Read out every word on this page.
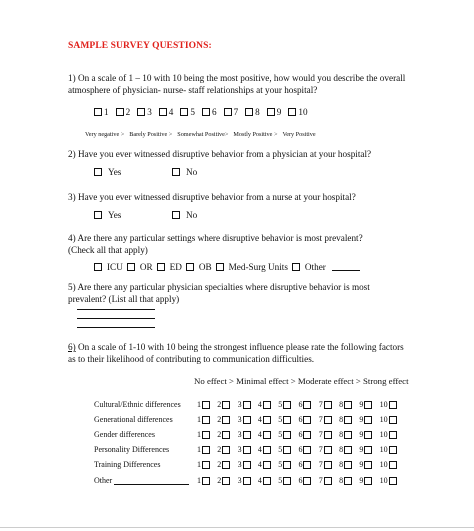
SAMPLE SURVEY QUESTIONS:
1) On a scale of 1 – 10 with 10 being the most positive, how would you describe the overall atmosphere of physician- nurse- staff relationships at your hospital?
1 2 3 4 5 6 7 8 9 10
Very negative > Barely Positive > Somewhat Positive> Mostly Positive > Very Positive
2) Have you ever witnessed disruptive behavior from a physician at your hospital?
Yes	No
3) Have you ever witnessed disruptive behavior from a nurse at your hospital?
Yes	No
4) Are there any particular settings where disruptive behavior is most prevalent? (Check all that apply)
ICU OR ED OB Med-Surg Units Other
5) Are there any particular physician specialties where disruptive behavior is most prevalent? (List all that apply)
6) On a scale of 1-10 with 10 being the strongest influence please rate the following factors as to their likelihood of contributing to communication difficulties.
No effect > Minimal effect > Moderate effect > Strong effect
Cultural/Ethnic differences	1 2 3 4 5 6 7 8 9 10
Generational differences	1 2 3 4 5 6 7 8 9 10
Gender differences	1 2 3 4 5 6 7 8 9 10
Personality Differences	1 2 3 4 5 6 7 8 9 10
Training Differences	1 2 3 4 5 6 7 8 9 10
Other	1 2 3 4 5 6 7 8 9 10
